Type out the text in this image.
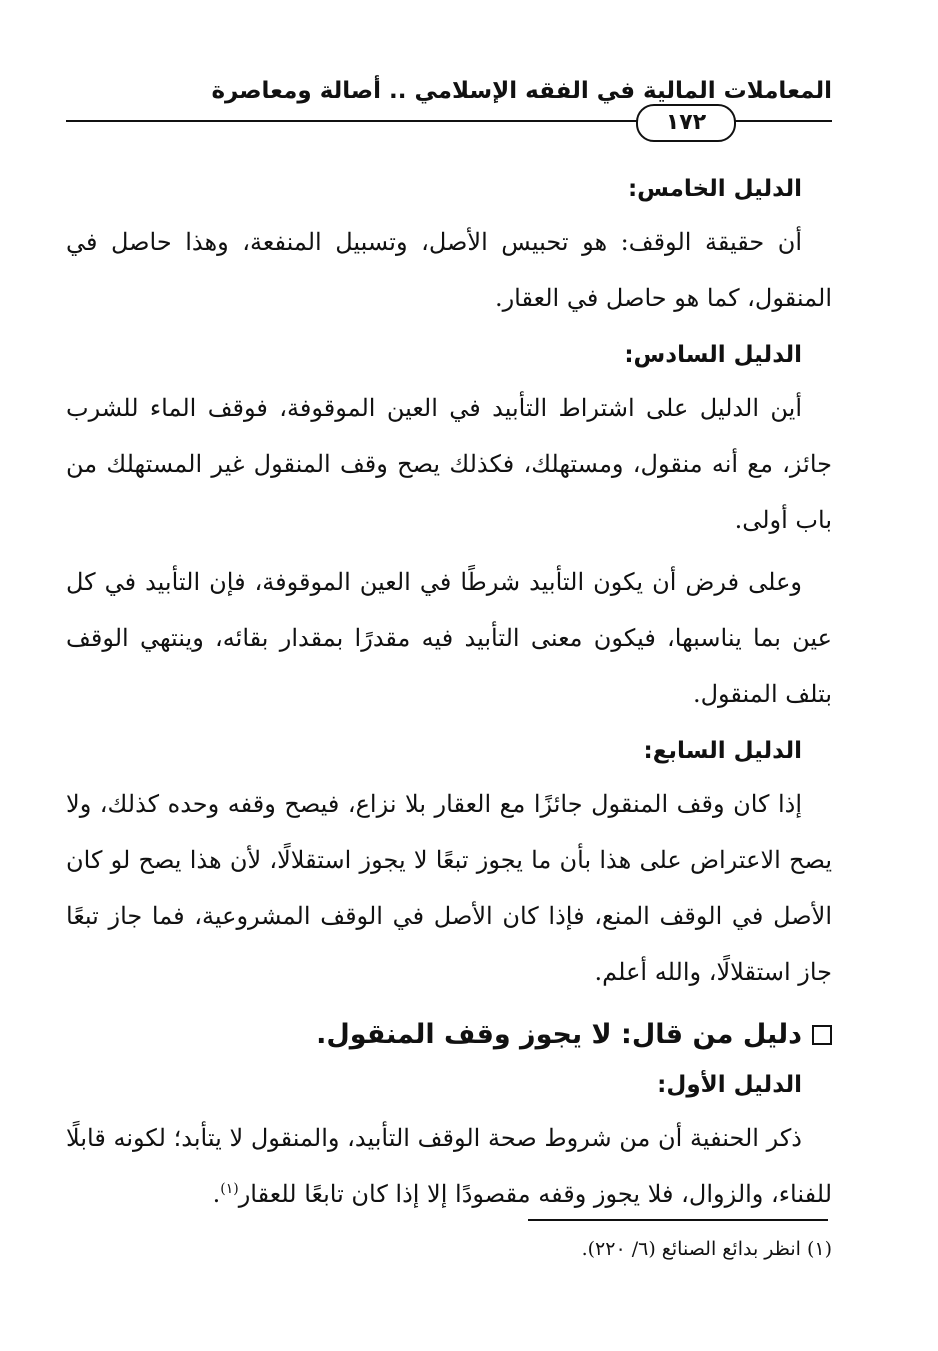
المعاملات المالية في الفقه الإسلامي .. أصالة ومعاصرة
١٧٢
الدليل الخامس:

أن حقيقة الوقف: هو تحبيس الأصل، وتسبيل المنفعة، وهذا حاصل في المنقول، كما هو حاصل في العقار.

الدليل السادس:

أين الدليل على اشتراط التأبيد في العين الموقوفة، فوقف الماء للشرب جائز، مع أنه منقول، ومستهلك، فكذلك يصح وقف المنقول غير المستهلك من باب أولى.

وعلى فرض أن يكون التأبيد شرطًا في العين الموقوفة، فإن التأبيد في كل عين بما يناسبها، فيكون معنى التأبيد فيه مقدرًا بمقدار بقائه، وينتهي الوقف بتلف المنقول.

الدليل السابع:

إذا كان وقف المنقول جائزًا مع العقار بلا نزاع، فيصح وقفه وحده كذلك، ولا يصح الاعتراض على هذا بأن ما يجوز تبعًا لا يجوز استقلالًا، لأن هذا يصح لو كان الأصل في الوقف المنع، فإذا كان الأصل في الوقف المشروعية، فما جاز تبعًا جاز استقلالًا، والله أعلم.

دليل من قال: لا يجوز وقف المنقول.
الدليل الأول:

ذكر الحنفية أن من شروط صحة الوقف التأبيد، والمنقول لا يتأبد؛ لكونه قابلًا للفناء، والزوال، فلا يجوز وقفه مقصودًا إلا إذا كان تابعًا للعقار$^{(١)}$.

(١) انظر بدائع الصنائع (٦/ ٢٢٠).
